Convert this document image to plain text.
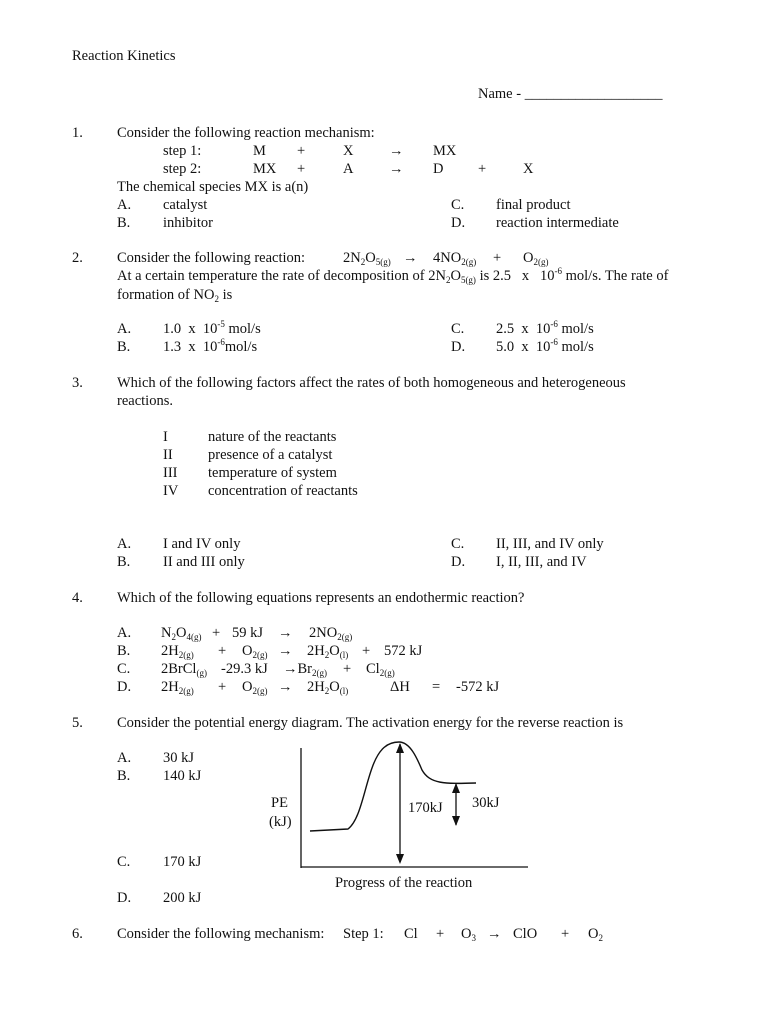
Reaction Kinetics
Name - ___________________
1. Consider the following reaction mechanism:
step 1:	M +	X → MX
step 2:	MX +	A → D +	X
The chemical species MX is a(n)
A. catalyst
B. inhibitor
C. final product
D. reaction intermediate
2. Consider the following reaction:	$2N_2O_{5(g)} \to 4NO_{2(g)} + O_{2(g)}$
At a certain temperature the rate of decomposition of $2N_2O_{5(g)}$ is 2.5   x   $10^{-6}$ mol/s. The rate of
formation of $NO_2$ is
A. 1.0  x  $10^{-5}$ mol/s
B. 1.3  x  $10^{-6}mol/s$
C. 2.5  x  $10^{-6}$ mol/s
D. 5.0  x  $10^{-6}$ mol/s
3. Which of the following factors affect the rates of both homogeneous and heterogeneous
reactions.
I	nature of the reactants
II presence of a catalyst
III temperature of system
IV concentration of reactants
A. I and IV only
B. II and III only
C. II, III, and IV only
D. I, II, III, and IV
4. Which of the following equations represents an endothermic reaction?
A. $N_2O_{4(g)} + 59$ kJ → $2NO_{2(g)}$
B. $2H_{2(g)} + O_{2(g)} \to 2H_2O_{(l)} + 572$ kJ
C. 2BrCl$_{(g)}$ -29.3 kJ $\to Br_{2(g)} + Cl_{2(g)}$
D. $2H_{2(g)} + O_{2(g)} \to 2H_2O_{(l)}$	ΔH = -572 kJ
5. Consider the potential energy diagram. The activation energy for the reverse reaction is
A. 30 kJ
B. 140 kJ
C. 170 kJ
D. 200 kJ
PE
(kJ)
170kJ 30kJ
Progress of the reaction
6. Consider the following mechanism: Step 1: $Cl + O_3$ → ClO + $O_2$
